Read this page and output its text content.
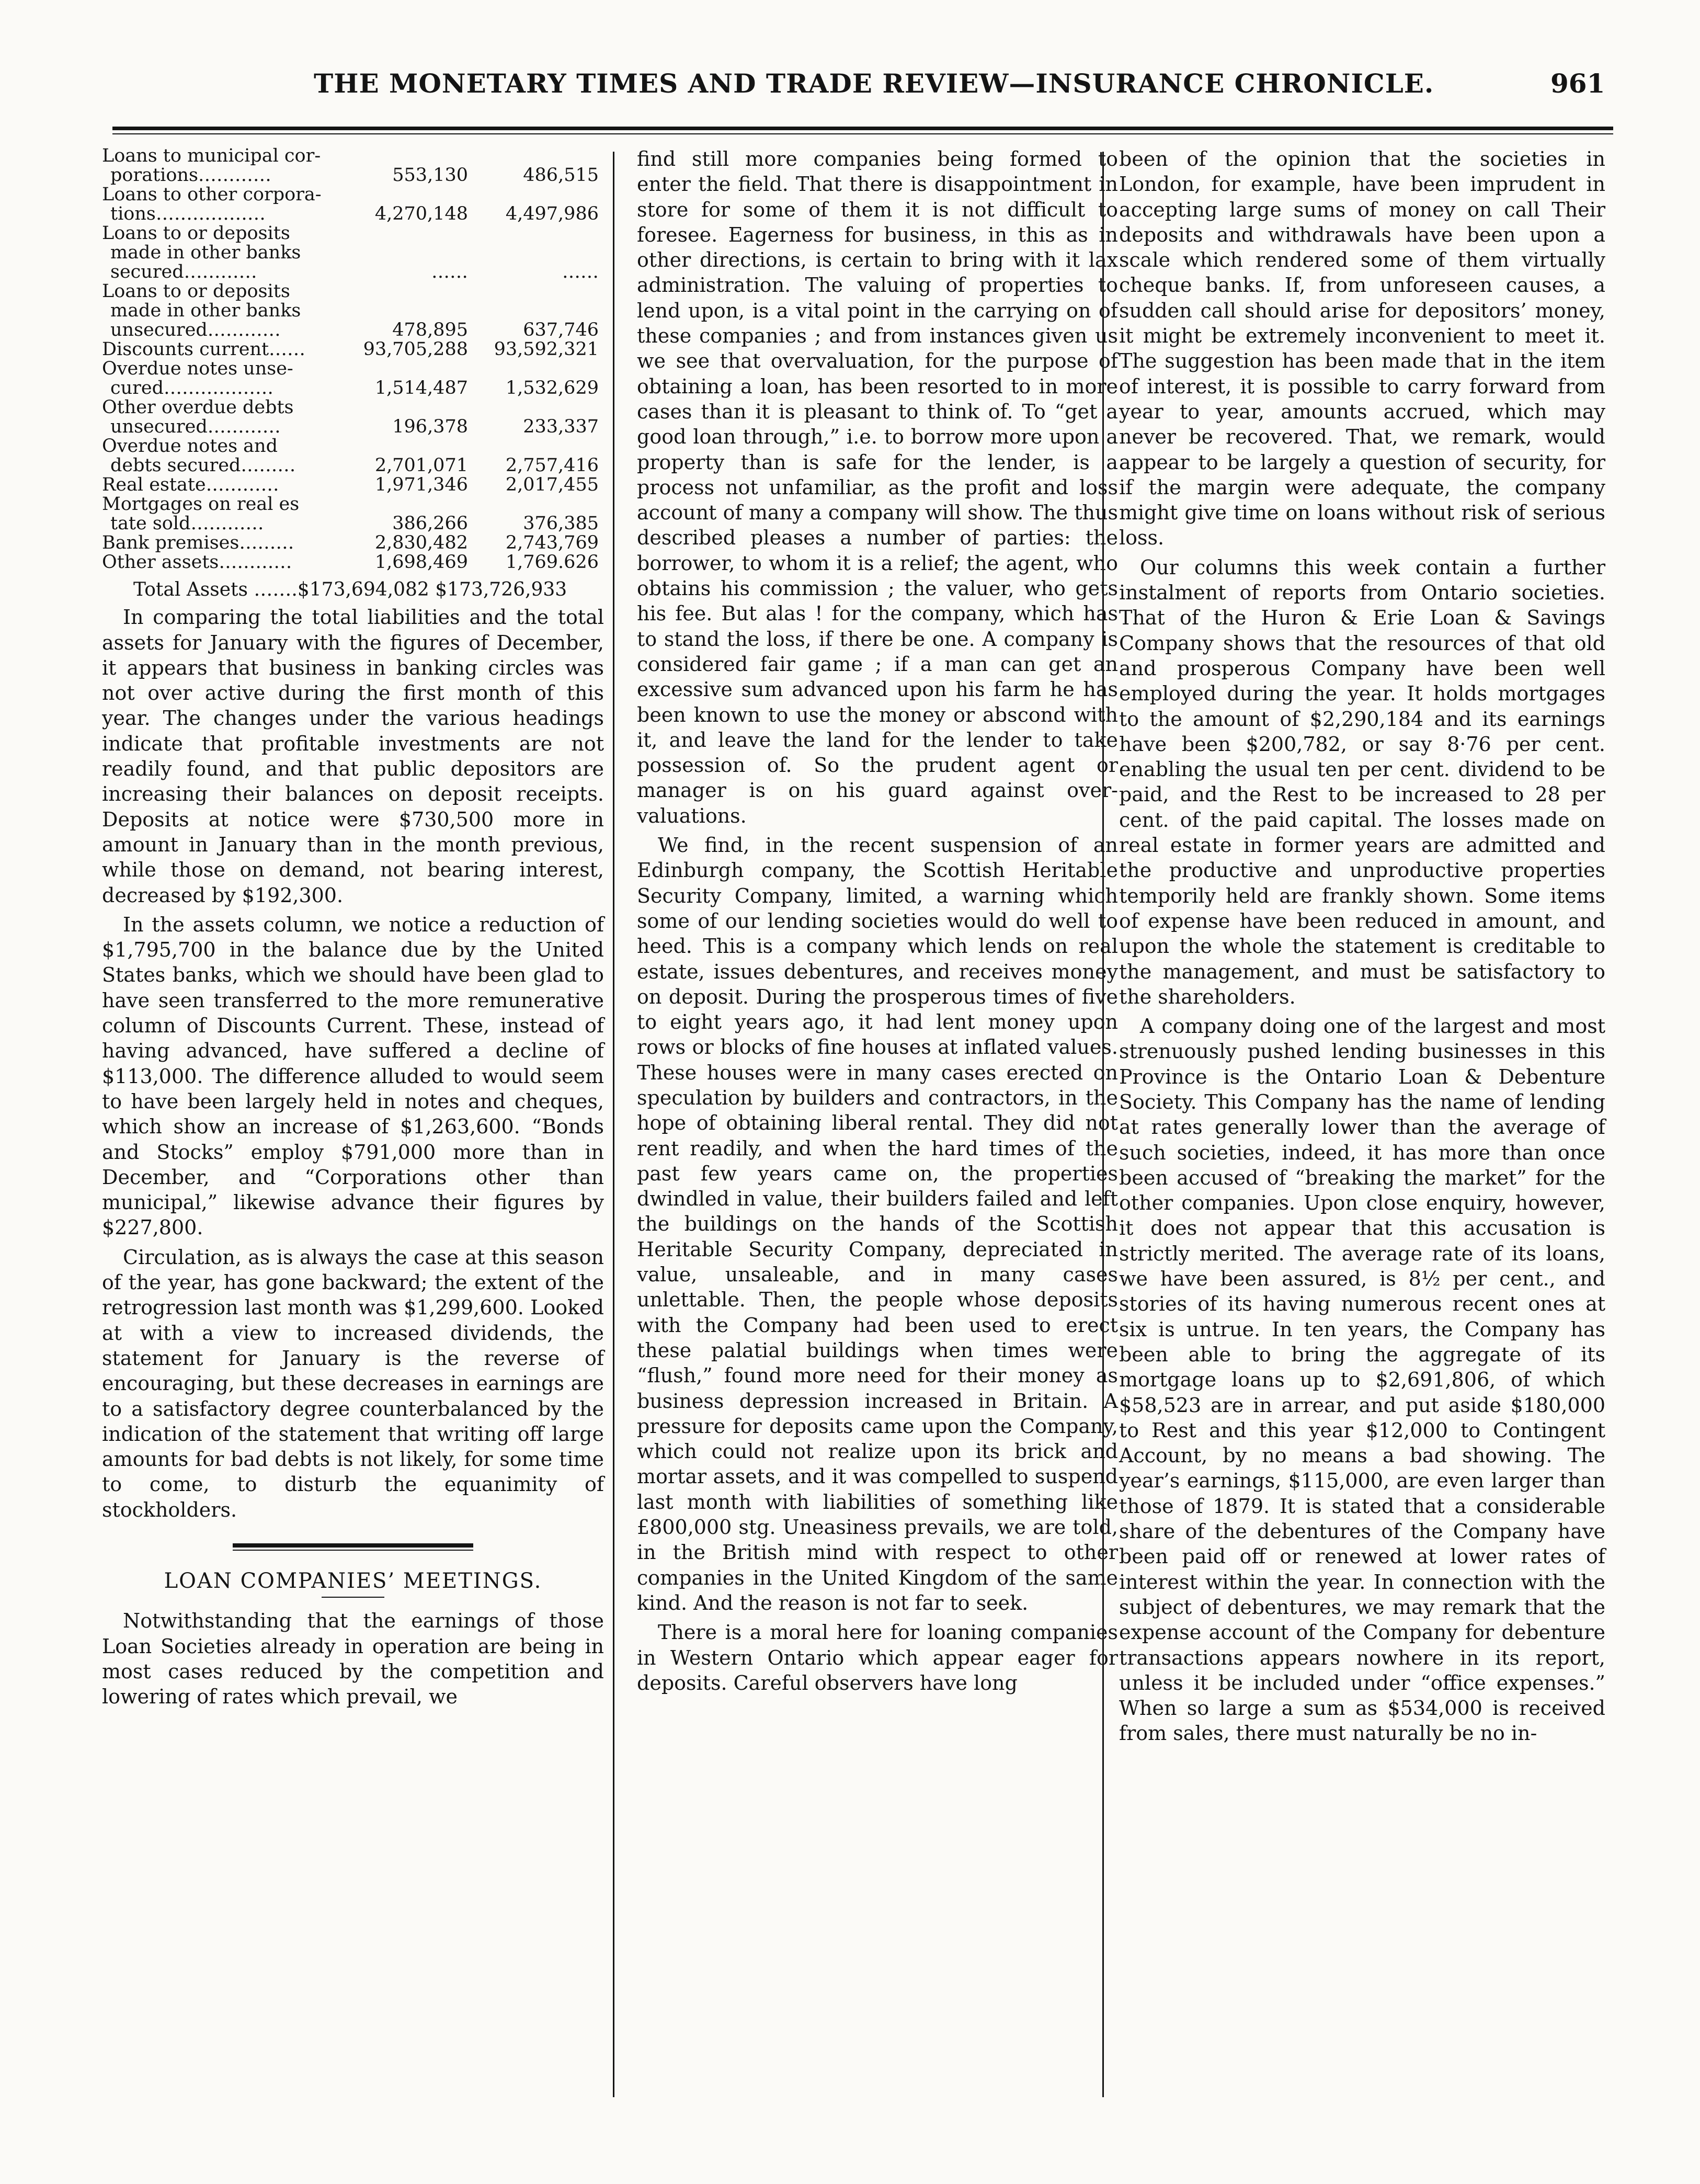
THE MONETARY TIMES AND TRADE REVIEW—INSURANCE CHRONICLE.	961
Loans to municipal cor-
porations…………	553,130	486,515

Loans to other corpora-
tions………………	4,270,148	4,497,986

Loans to or deposits
made in other banks
secured…………	……	……

Loans to or deposits
made in other banks
unsecured…………	478,895	637,746

Discounts current……	93,705,288	93,592,321

Overdue notes unse-
cured………………	1,514,487	1,532,629

Other overdue debts
unsecured…………	196,378	233,337

Overdue notes and
debts secured………	2,701,071	2,757,416

Real estate…………	1,971,346	2,017,455

Mortgages on real es
tate sold…………	386,266	376,385

Bank premises………	2,830,482	2,743,769

Other assets…………	1,698,469	1,769.626
Total Assets …….$173,694,082 $173,726,933

In comparing the total liabilities and the total assets for January with the figures of December, it appears that business in banking circles was not over active during the first month of this year. The changes under the various headings indicate that profitable investments are not readily found, and that public depositors are increasing their balances on deposit receipts. Deposits at notice were $730,500 more in amount in January than in the month previous, while those on demand, not bearing interest, decreased by $192,300.

In the assets column, we notice a reduction of $1,795,700 in the balance due by the United States banks, which we should have been glad to have seen transferred to the more remunerative column of Discounts Current. These, instead of having advanced, have suffered a decline of $113,000. The difference alluded to would seem to have been largely held in notes and cheques, which show an increase of $1,263,600. “Bonds and Stocks” employ $791,000 more than in December, and “Corporations other than municipal,” likewise advance their figures by $227,800.

Circulation, as is always the case at this season of the year, has gone backward; the extent of the retrogression last month was $1,299,600. Looked at with a view to increased dividends, the statement for January is the reverse of encouraging, but these decreases in earnings are to a satisfactory degree counterbalanced by the indication of the statement that writing off large amounts for bad debts is not likely, for some time to come, to disturb the equanimity of stockholders.

LOAN COMPANIES’ MEETINGS.

Notwithstanding that the earnings of those Loan Societies already in operation are being in most cases reduced by the competition and lowering of rates which prevail, we

find still more companies being formed to enter the field. That there is disappointment in store for some of them it is not difficult to foresee. Eagerness for business, in this as in other directions, is certain to bring with it lax administration. The valuing of properties to lend upon, is a vital point in the carrying on of these companies ; and from instances given us we see that overvaluation, for the purpose of obtaining a loan, has been resorted to in more cases than it is pleasant to think of. To “get a good loan through,” i.e. to borrow more upon a property than is safe for the lender, is a process not unfamiliar, as the profit and loss account of many a company will show. The thus described pleases a number of parties: the borrower, to whom it is a relief; the agent, who obtains his commission ; the valuer, who gets his fee. But alas ! for the company, which has to stand the loss, if there be one. A company is considered fair game ; if a man can get an excessive sum advanced upon his farm he has been known to use the money or abscond with it, and leave the land for the lender to take possession of. So the prudent agent or manager is on his guard against over-valuations.

We find, in the recent suspension of an Edinburgh company, the Scottish Heritable Security Company, limited, a warning which some of our lending societies would do well to heed. This is a company which lends on real estate, issues debentures, and receives money on deposit. During the prosperous times of five to eight years ago, it had lent money upon rows or blocks of fine houses at inflated values. These houses were in many cases erected on speculation by builders and contractors, in the hope of obtaining liberal rental. They did not rent readily, and when the hard times of the past few years came on, the properties dwindled in value, their builders failed and left the buildings on the hands of the Scottish Heritable Security Company, depreciated in value, unsaleable, and in many cases unlettable. Then, the people whose deposits with the Company had been used to erect these palatial buildings when times were “flush,” found more need for their money as business depression increased in Britain. A pressure for deposits came upon the Company, which could not realize upon its brick and mortar assets, and it was compelled to suspend last month with liabilities of something like £800,000 stg. Uneasiness prevails, we are told, in the British mind with respect to other companies in the United Kingdom of the same kind. And the reason is not far to seek.

There is a moral here for loaning companies in Western Ontario which appear eager for deposits. Careful observers have long

been of the opinion that the societies in London, for example, have been imprudent in accepting large sums of money on call Their deposits and withdrawals have been upon a scale which rendered some of them virtually cheque banks. If, from unforeseen causes, a sudden call should arise for depositors’ money, it might be extremely inconvenient to meet it. The suggestion has been made that in the item of interest, it is possible to carry forward from year to year, amounts accrued, which may never be recovered. That, we remark, would appear to be largely a question of security, for if the margin were adequate, the company might give time on loans without risk of serious loss.

Our columns this week contain a further instalment of reports from Ontario societies. That of the Huron & Erie Loan & Savings Company shows that the resources of that old and prosperous Company have been well employed during the year. It holds mortgages to the amount of $2,290,184 and its earnings have been $200,782, or say 8·76 per cent. enabling the usual ten per cent. dividend to be paid, and the Rest to be increased to 28 per cent. of the paid capital. The losses made on real estate in former years are admitted and the productive and unproductive properties temporily held are frankly shown. Some items of expense have been reduced in amount, and upon the whole the statement is creditable to the management, and must be satisfactory to the shareholders.

A company doing one of the largest and most strenuously pushed lending businesses in this Province is the Ontario Loan & Debenture Society. This Company has the name of lending at rates generally lower than the average of such societies, indeed, it has more than once been accused of “breaking the market” for the other companies. Upon close enquiry, however, it does not appear that this accusation is strictly merited. The average rate of its loans, we have been assured, is 8½ per cent., and stories of its having numerous recent ones at six is untrue. In ten years, the Company has been able to bring the aggregate of its mortgage loans up to $2,691,806, of which $58,523 are in arrear, and put aside $180,000 to Rest and this year $12,000 to Contingent Account, by no means a bad showing. The year’s earnings, $115,000, are even larger than those of 1879. It is stated that a considerable share of the debentures of the Company have been paid off or renewed at lower rates of interest within the year. In connection with the subject of debentures, we may remark that the expense account of the Company for debenture transactions appears nowhere in its report, unless it be included under “office expenses.” When so large a sum as $534,000 is received from sales, there must naturally be no in-
